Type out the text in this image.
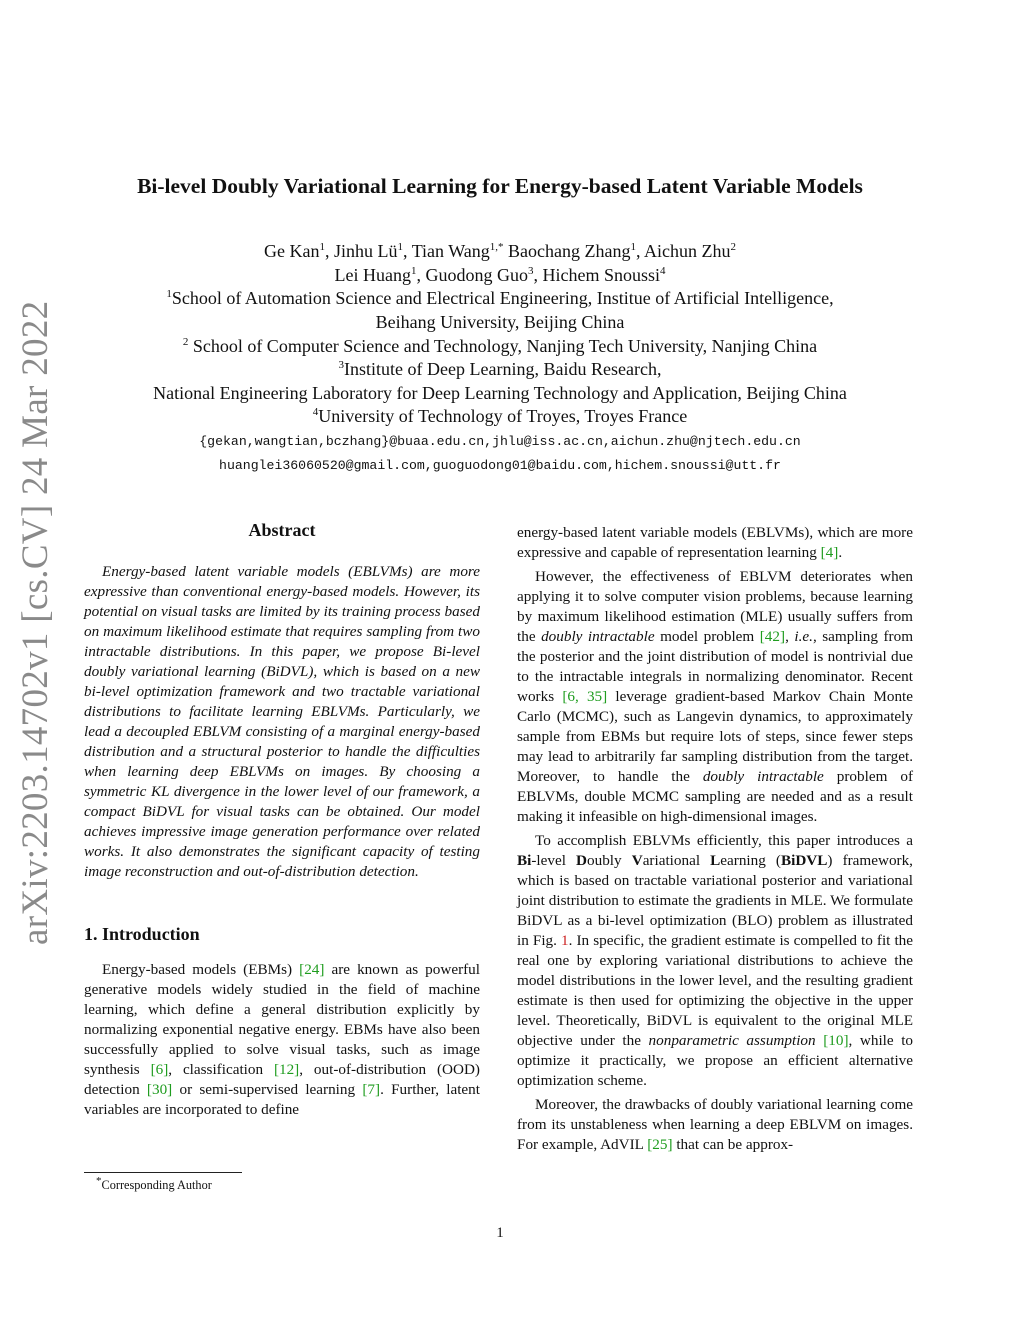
arXiv:2203.14702v1 [cs.CV] 24 Mar 2022
Bi-level Doubly Variational Learning for Energy-based Latent Variable Models
Ge Kan$^1$, Jinhu $Lü^1$, Tian Wang$^{1,*}$ Baochang Zhang$^1$, Aichun Zhu$^2$
Lei Huang$^1$, Guodong Guo$^3$, Hichem Snoussi$^4$
$^1$School of Automation Science and Electrical Engineering, Institue of Artificial Intelligence,
Beihang University, Beijing China
$^2$ School of Computer Science and Technology, Nanjing Tech University, Nanjing China
$^3$Institute of Deep Learning, Baidu Research,
National Engineering Laboratory for Deep Learning Technology and Application, Beijing China
$^4$University of Technology of Troyes, Troyes France
{gekan,wangtian,bczhang}@buaa.edu.cn,jhlu@iss.ac.cn,aichun.zhu@njtech.edu.cn
huanglei36060520@gmail.com,guoguodong01@baidu.com,hichem.snoussi@utt.fr

Abstract

Energy-based latent variable models (EBLVMs) are more expressive than conventional energy-based models. However, its potential on visual tasks are limited by its training process based on maximum likelihood estimate that requires sampling from two intractable distributions. In this paper, we propose Bi-level doubly variational learning (BiDVL), which is based on a new bi-level optimization framework and two tractable variational distributions to facilitate learning EBLVMs. Particularly, we lead a decoupled EBLVM consisting of a marginal energy-based distribution and a structural posterior to handle the difficulties when learning deep EBLVMs on images. By choosing a symmetric KL divergence in the lower level of our framework, a compact BiDVL for visual tasks can be obtained. Our model achieves impressive image generation performance over related works. It also demonstrates the significant capacity of testing image reconstruction and out-of-distribution detection.

1. Introduction

Energy-based models (EBMs) [24] are known as powerful generative models widely studied in the field of machine learning, which define a general distribution explicitly by normalizing exponential negative energy. EBMs have also been successfully applied to solve visual tasks, such as image synthesis [6], classification [12], out-of-distribution (OOD) detection [30] or semi-supervised learning [7]. Further, latent variables are incorporated to define

energy-based latent variable models (EBLVMs), which are more expressive and capable of representation learning [4].

However, the effectiveness of EBLVM deteriorates when applying it to solve computer vision problems, because learning by maximum likelihood estimation (MLE) usually suffers from the doubly intractable model problem [42], i.e., sampling from the posterior and the joint distribution of model is nontrivial due to the intractable integrals in normalizing denominator. Recent works [6, 35] leverage gradient-based Markov Chain Monte Carlo (MCMC), such as Langevin dynamics, to approximately sample from EBMs but require lots of steps, since fewer steps may lead to arbitrarily far sampling distribution from the target. Moreover, to handle the doubly intractable problem of EBLVMs, double MCMC sampling are needed and as a result making it infeasible on high-dimensional images.

To accomplish EBLVMs efficiently, this paper introduces a Bi-level Doubly Variational Learning (BiDVL) framework, which is based on tractable variational posterior and variational joint distribution to estimate the gradients in MLE. We formulate BiDVL as a bi-level optimization (BLO) problem as illustrated in Fig. 1. In specific, the gradient estimate is compelled to fit the real one by exploring variational distributions to achieve the model distributions in the lower level, and the resulting gradient estimate is then used for optimizing the objective in the upper level. Theoretically, BiDVL is equivalent to the original MLE objective under the nonparametric assumption [10], while to optimize it practically, we propose an efficient alternative optimization scheme.

Moreover, the drawbacks of doubly variational learning come from its unstableness when learning a deep EBLVM on images. For example, AdVIL [25] that can be approx-

*Corresponding Author
1
